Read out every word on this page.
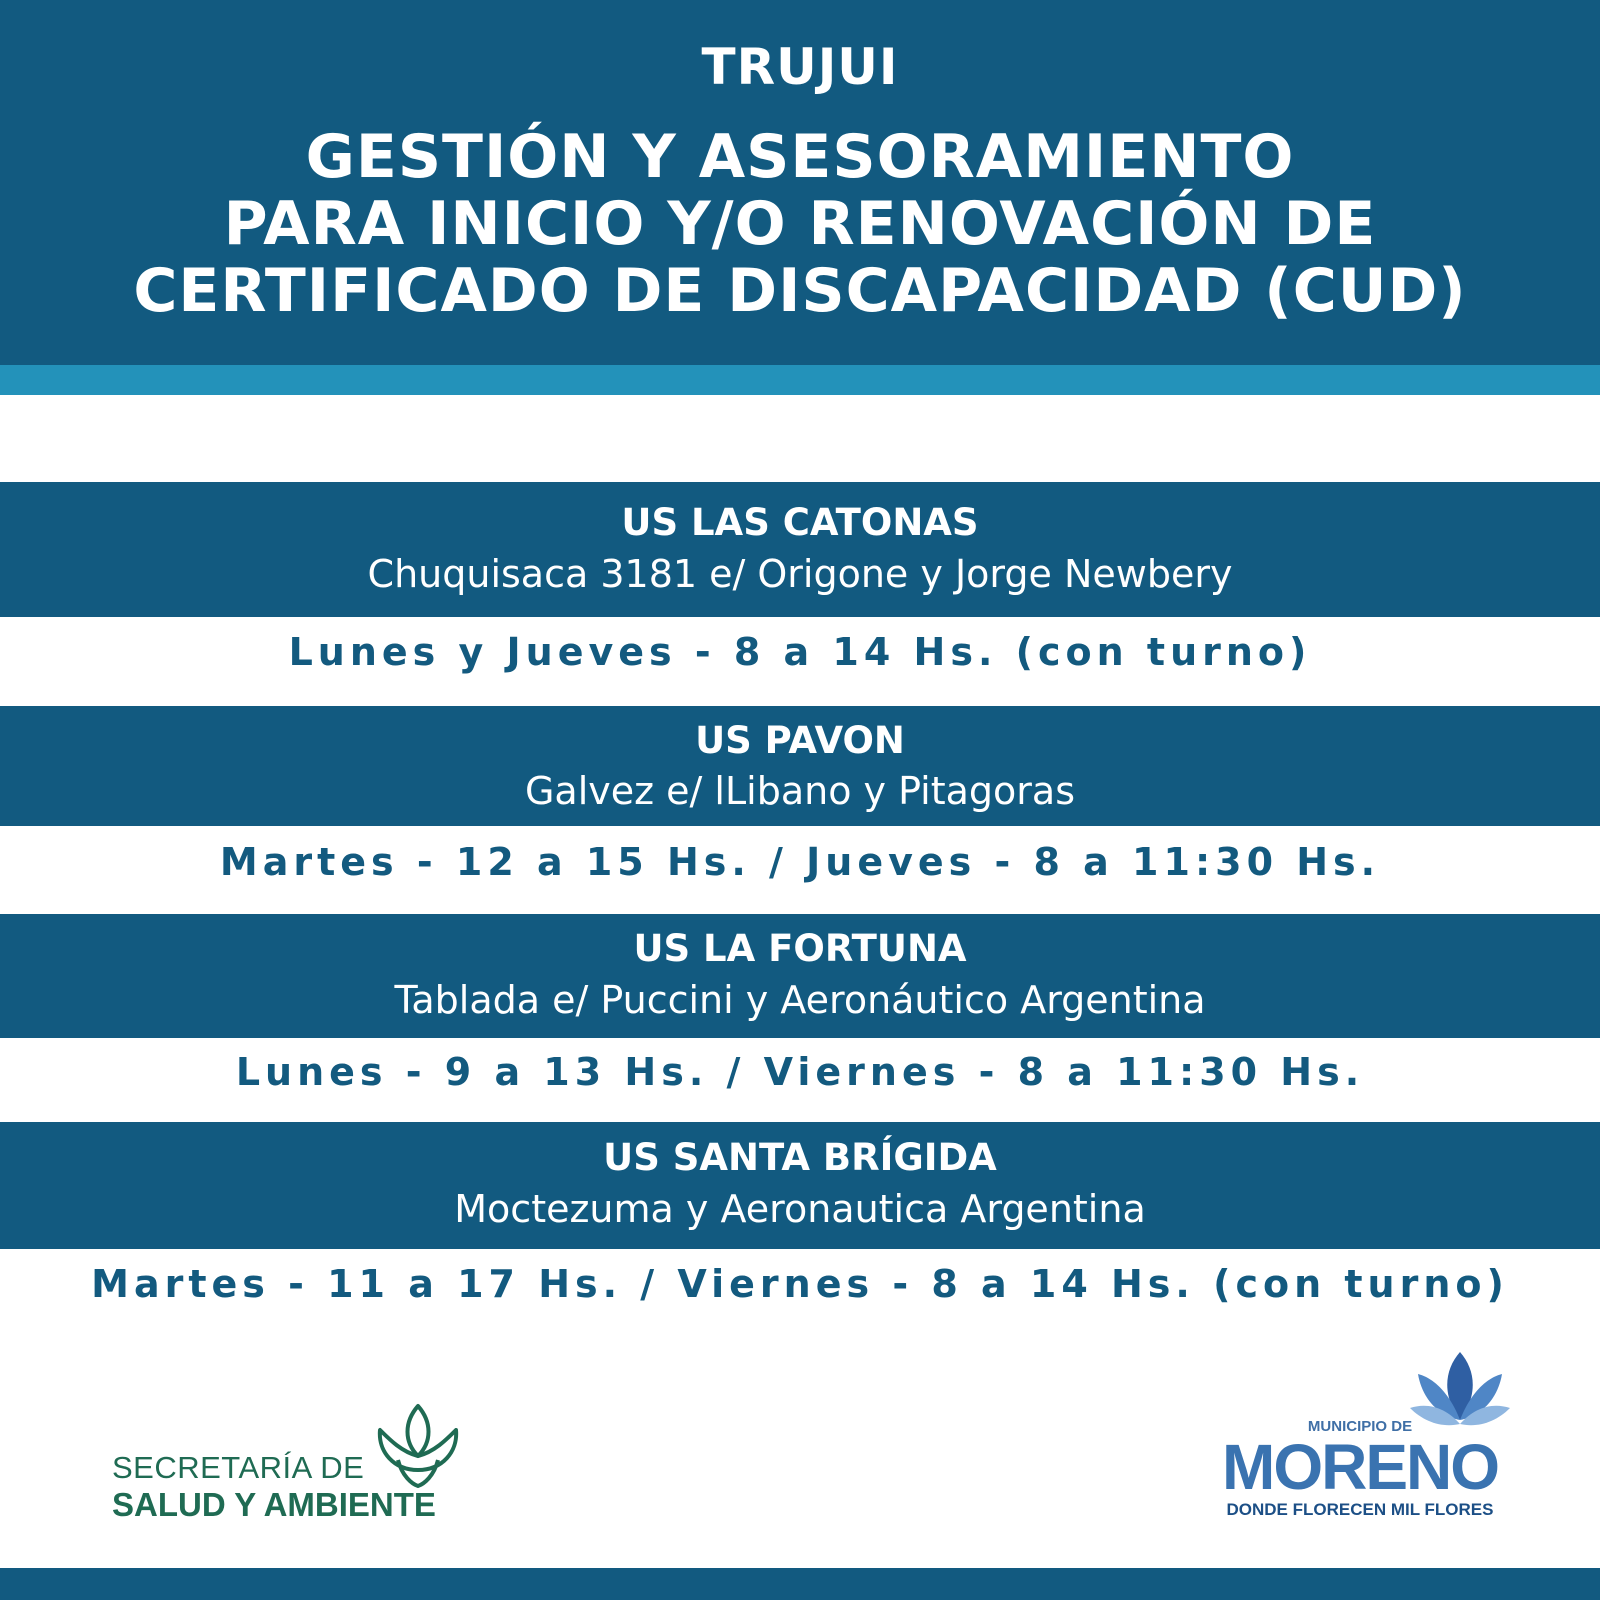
TRUJUI
GESTIÓN Y ASESORAMIENTO
PARA INICIO Y/O RENOVACIÓN DE
CERTIFICADO DE DISCAPACIDAD (CUD)
US LAS CATONAS
Chuquisaca 3181 e/ Origone y Jorge Newbery
Lunes y Jueves - 8 a 14 Hs. (con turno)
US PAVON
Galvez e/ lLibano y Pitagoras
Martes - 12 a 15 Hs. / Jueves - 8 a 11:30 Hs.
US LA FORTUNA
Tablada e/ Puccini y Aeronáutico Argentina
Lunes - 9 a 13 Hs. / Viernes - 8 a 11:30 Hs.
US SANTA BRÍGIDA
Moctezuma y Aeronautica Argentina
Martes - 11 a 17 Hs. / Viernes - 8 a 14 Hs. (con turno)
SECRETARÍA DE
SALUD Y AMBIENTE
MUNICIPIO DE
MORENO
DONDE FLORECEN MIL FLORES
